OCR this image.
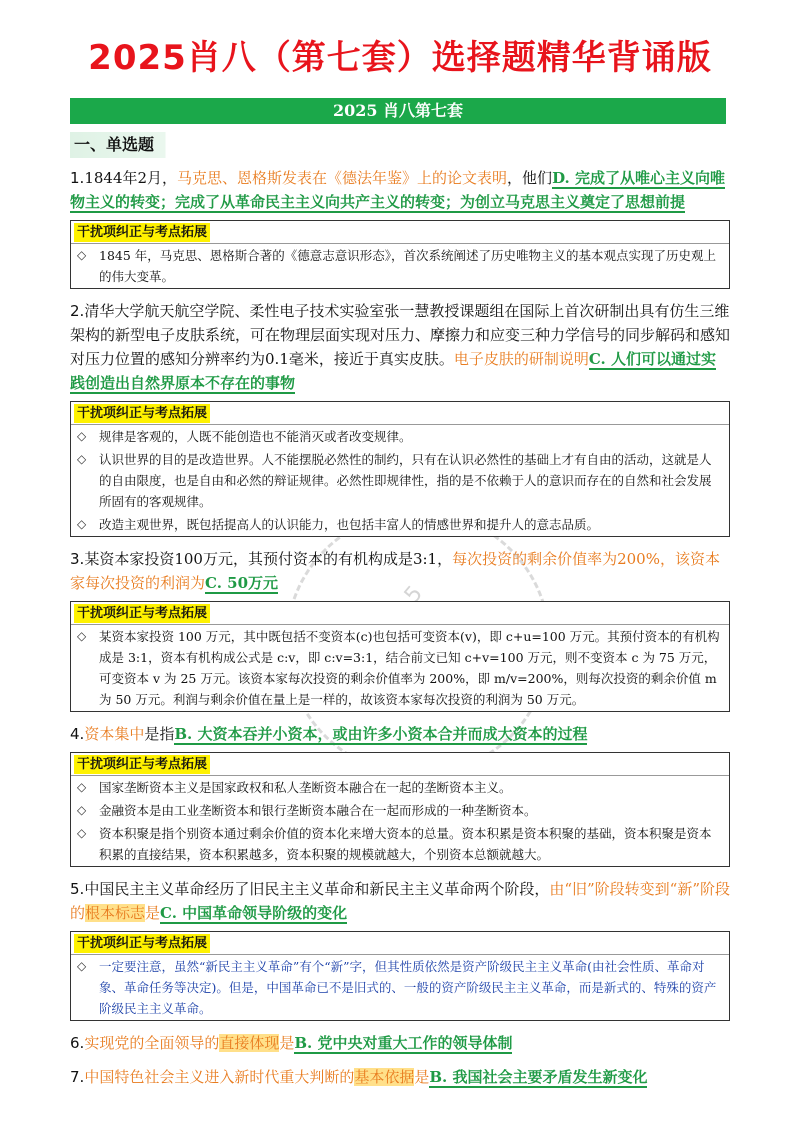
2025肖八（第七套）选择题精华背诵版
2025 肖八第七套
一、单选题

1.1844年2月，马克思、恩格斯发表在《德法年鉴》上的论文表明，他们D. 完成了从唯心主义向唯物主义的转变；完成了从革命民主主义向共产主义的转变；为创立马克思主义奠定了思想前提

干扰项纠正与考点拓展
◇	1845 年，马克思、恩格斯合著的《德意志意识形态》，首次系统阐述了历史唯物主义的基本观点实现了历史观上的伟大变革。

2.清华大学航天航空学院、柔性电子技术实验室张一慧教授课题组在国际上首次研制出具有仿生三维架构的新型电子皮肤系统，可在物理层面实现对压力、摩擦力和应变三种力学信号的同步解码和感知对压力位置的感知分辨率约为0.1毫米，接近于真实皮肤。电子皮肤的研制说明C. 人们可以通过实践创造出自然界原本不存在的事物

干扰项纠正与考点拓展
◇	规律是客观的，人既不能创造也不能消灭或者改变规律。
◇	认识世界的目的是改造世界。人不能摆脱必然性的制约，只有在认识必然性的基础上才有自由的活动，这就是人的自由限度，也是自由和必然的辩证规律。必然性即规律性，指的是不依赖于人的意识而存在的自然和社会发展所固有的客观规律。
◇	改造主观世界，既包括提高人的认识能力，也包括丰富人的情感世界和提升人的意志品质。

3.某资本家投资100万元，其预付资本的有机构成是3:1，每次投资的剩余价值率为200%，该资本家每次投资的利润为C. 50万元

干扰项纠正与考点拓展
◇	某资本家投资 100 万元，其中既包括不变资本(c)也包括可变资本(v)，即 c+u=100 万元。其预付资本的有机构成是 3:1，资本有机构成公式是 c:v，即 c:v=3:1，结合前文已知 c+v=100 万元，则不变资本 c 为 75 万元，可变资本 v 为 25 万元。该资本家每次投资的剩余价值率为 200%，即 m/v=200%，则每次投资的剩余价值 m 为 50 万元。利润与剩余价值在量上是一样的，故该资本家每次投资的利润为 50 万元。

4.资本集中是指B. 大资本吞并小资本，或由许多小资本合并而成大资本的过程

干扰项纠正与考点拓展
◇	国家垄断资本主义是国家政权和私人垄断资本融合在一起的垄断资本主义。
◇	金融资本是由工业垄断资本和银行垄断资本融合在一起而形成的一种垄断资本。
◇	资本积聚是指个别资本通过剩余价值的资本化来增大资本的总量。资本积累是资本积聚的基础，资本积聚是资本积累的直接结果，资本积累越多，资本积聚的规模就越大，个别资本总额就越大。

5.中国民主主义革命经历了旧民主主义革命和新民主主义革命两个阶段，由“旧”阶段转变到“新”阶段的根本标志是C. 中国革命领导阶级的变化

干扰项纠正与考点拓展
◇	一定要注意，虽然“新民主主义革命”有个“新”字，但其性质依然是资产阶级民主主义革命(由社会性质、革命对象、革命任务等决定)。但是，中国革命已不是旧式的、一般的资产阶级民主主义革命，而是新式的、特殊的资产阶级民主主义革命。

6.实现党的全面领导的直接体现是B. 党中央对重大工作的领导体制

7.中国特色社会主义进入新时代重大判断的基本依据是B. 我国社会主要矛盾发生新变化
